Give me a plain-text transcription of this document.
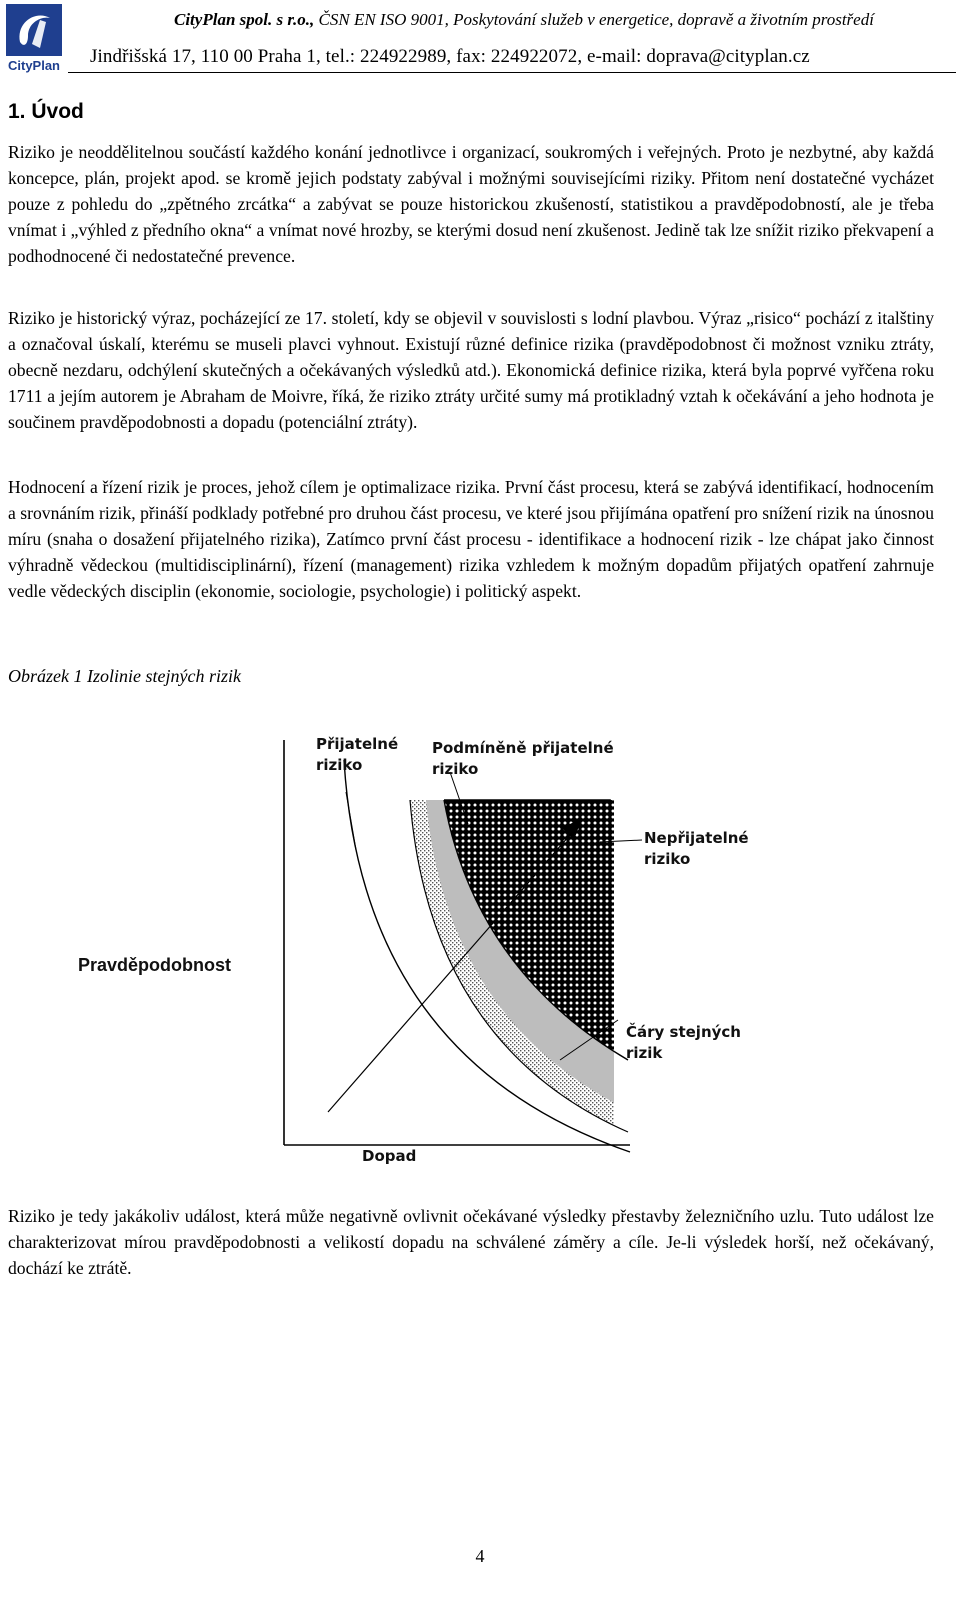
CityPlan
CityPlan spol. s r.o., ČSN EN ISO 9001, Poskytování služeb v energetice, dopravě a životním prostředí
Jindřišská 17, 110 00 Praha 1, tel.: 224922989, fax: 224922072, e-mail: doprava@cityplan.cz
1. Úvod
Riziko je neoddělitelnou součástí každého konání jednotlivce i organizací, soukromých i veřejných. Proto je nezbytné, aby každá koncepce, plán, projekt apod. se kromě jejich podstaty zabýval i možnými souvisejícími riziky. Přitom není dostatečné vycházet pouze z pohledu do „zpětného zrcátka“ a zabývat se pouze historickou zkušeností, statistikou a pravděpodobností, ale je třeba vnímat i „výhled z předního okna“ a vnímat nové hrozby, se kterými dosud není zkušenost. Jedině tak lze snížit riziko překvapení a podhodnocené či nedostatečné prevence.
Riziko je historický výraz, pocházející ze 17. století, kdy se objevil v souvislosti s lodní plavbou. Výraz „risico“ pochází z italštiny a označoval úskalí, kterému se museli plavci vyhnout. Existují různé definice rizika (pravděpodobnost či možnost vzniku ztráty, obecně nezdaru, odchýlení skutečných a očekávaných výsledků atd.). Ekonomická definice rizika, která byla poprvé vyřčena roku 1711 a jejím autorem je Abraham de Moivre, říká, že riziko ztráty určité sumy má protikladný vztah k očekávání a jeho hodnota je součinem pravděpodobnosti a dopadu (potenciální ztráty).
Hodnocení a řízení rizik je proces, jehož cílem je optimalizace rizika. První část procesu, která se zabývá identifikací, hodnocením a srovnáním rizik, přináší podklady potřebné pro druhou část procesu, ve které jsou přijímána opatření pro snížení rizik na únosnou míru (snaha o dosažení přijatelného rizika), Zatímco první část procesu - identifikace a hodnocení rizik - lze chápat jako činnost výhradně vědeckou (multidisciplinární), řízení (management) rizika vzhledem k možným dopadům přijatých opatření zahrnuje vedle vědeckých disciplin (ekonomie, sociologie, psychologie) i politický aspekt.
Obrázek 1 Izolinie stejných rizik
Přijatelné
riziko
Podmíněně přijatelné
riziko
Nepřijatelné
riziko
Čáry stejných
rizik
Pravděpodobnost
Dopad
Riziko je tedy jakákoliv událost, která může negativně ovlivnit očekávané výsledky přestavby železničního uzlu. Tuto událost lze charakterizovat mírou pravděpodobnosti a velikostí dopadu na schválené záměry a cíle. Je-li výsledek horší, než očekávaný, dochází ke ztrátě.
4
